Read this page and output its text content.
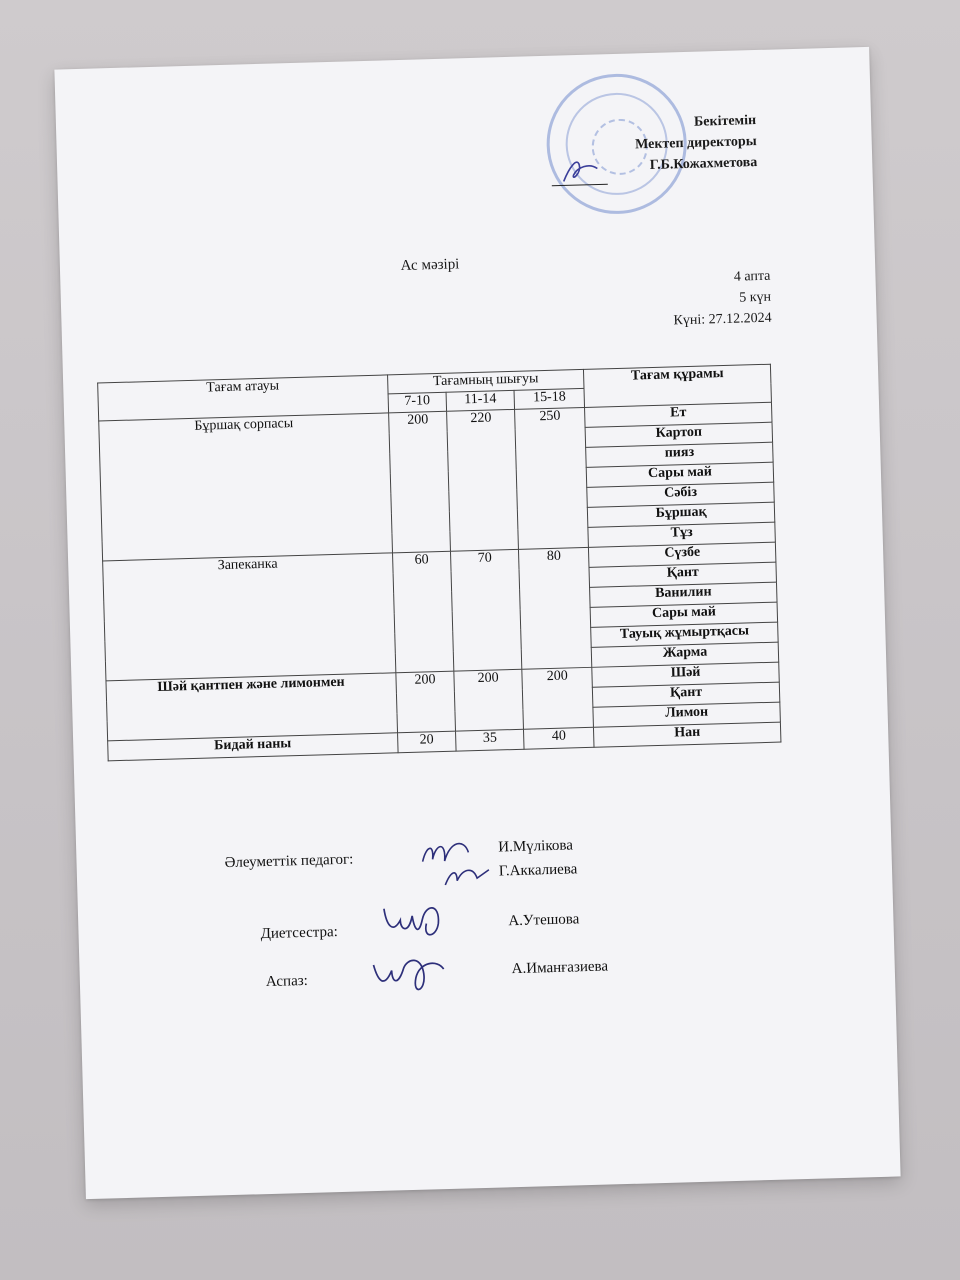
Бекітемін
Мектеп директоры
Г.Б.Кожахметова
Ас мәзірі
4 апта
5 күн
Күні: 27.12.2024
Тағам атауы	Тағамның шығуы			Тағам құрамы
	7-10	11-14	15-18	
Бұршақ сорпасы	200	220	250	Ет
				Картоп
				пияз
				Сары май
				Сәбіз
				Бұршақ
				Тұз
Запеканка	60	70	80	Сүзбе
				Қант
				Ванилин
				Сары май
				Тауық жұмыртқасы
				Жарма
Шәй қантпен және лимонмен	200	200	200	Шәй
				Қант
				Лимон
Бидай наны	20	35	40	Нан
Әлеуметтік педагог:
И.Мүлікова
Г.Аккалиева
Диетсестра:
А.Утешова
Аспаз:
А.Иманғазиева
